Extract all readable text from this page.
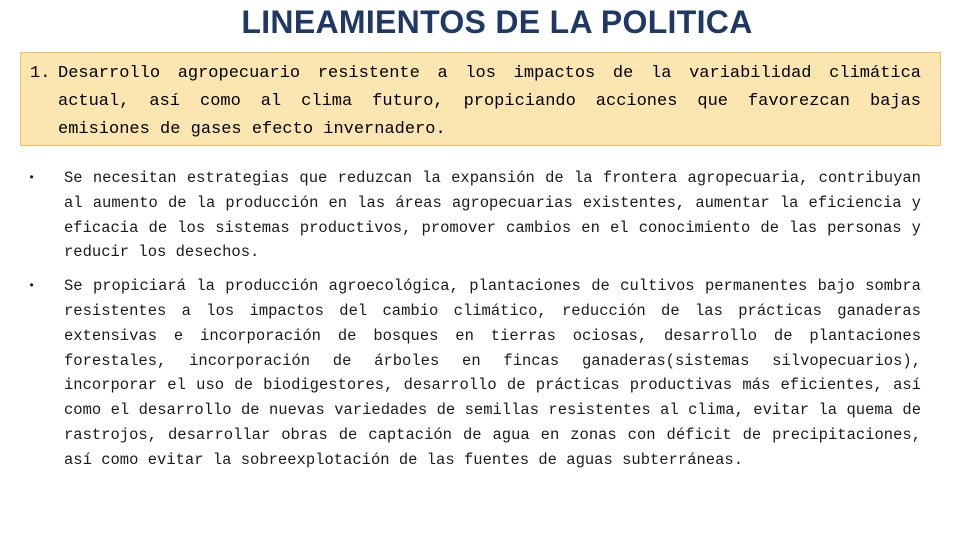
LINEAMIENTOS DE LA POLITICA
1. Desarrollo agropecuario resistente a los impactos de la variabilidad climática actual, así como al clima futuro, propiciando acciones que favorezcan bajas emisiones de gases efecto invernadero.
•	Se necesitan estrategias que reduzcan la expansión de la frontera agropecuaria, contribuyan al aumento de la producción en las áreas agropecuarias existentes, aumentar la eficiencia y eficacia de los sistemas productivos, promover cambios en el conocimiento de las personas y reducir los desechos.
•	Se propiciará la producción agroecológica, plantaciones de cultivos permanentes bajo sombra resistentes a los impactos del cambio climático, reducción de las prácticas ganaderas extensivas e incorporación de bosques en tierras ociosas, desarrollo de plantaciones forestales, incorporación de árboles en fincas ganaderas(sistemas silvopecuarios), incorporar el uso de biodigestores, desarrollo de prácticas productivas más eficientes, así como el desarrollo de nuevas variedades de semillas resistentes al clima, evitar la quema de rastrojos, desarrollar obras de captación de agua en zonas con déficit de precipitaciones, así como evitar la sobreexplotación de las fuentes de aguas subterráneas.
